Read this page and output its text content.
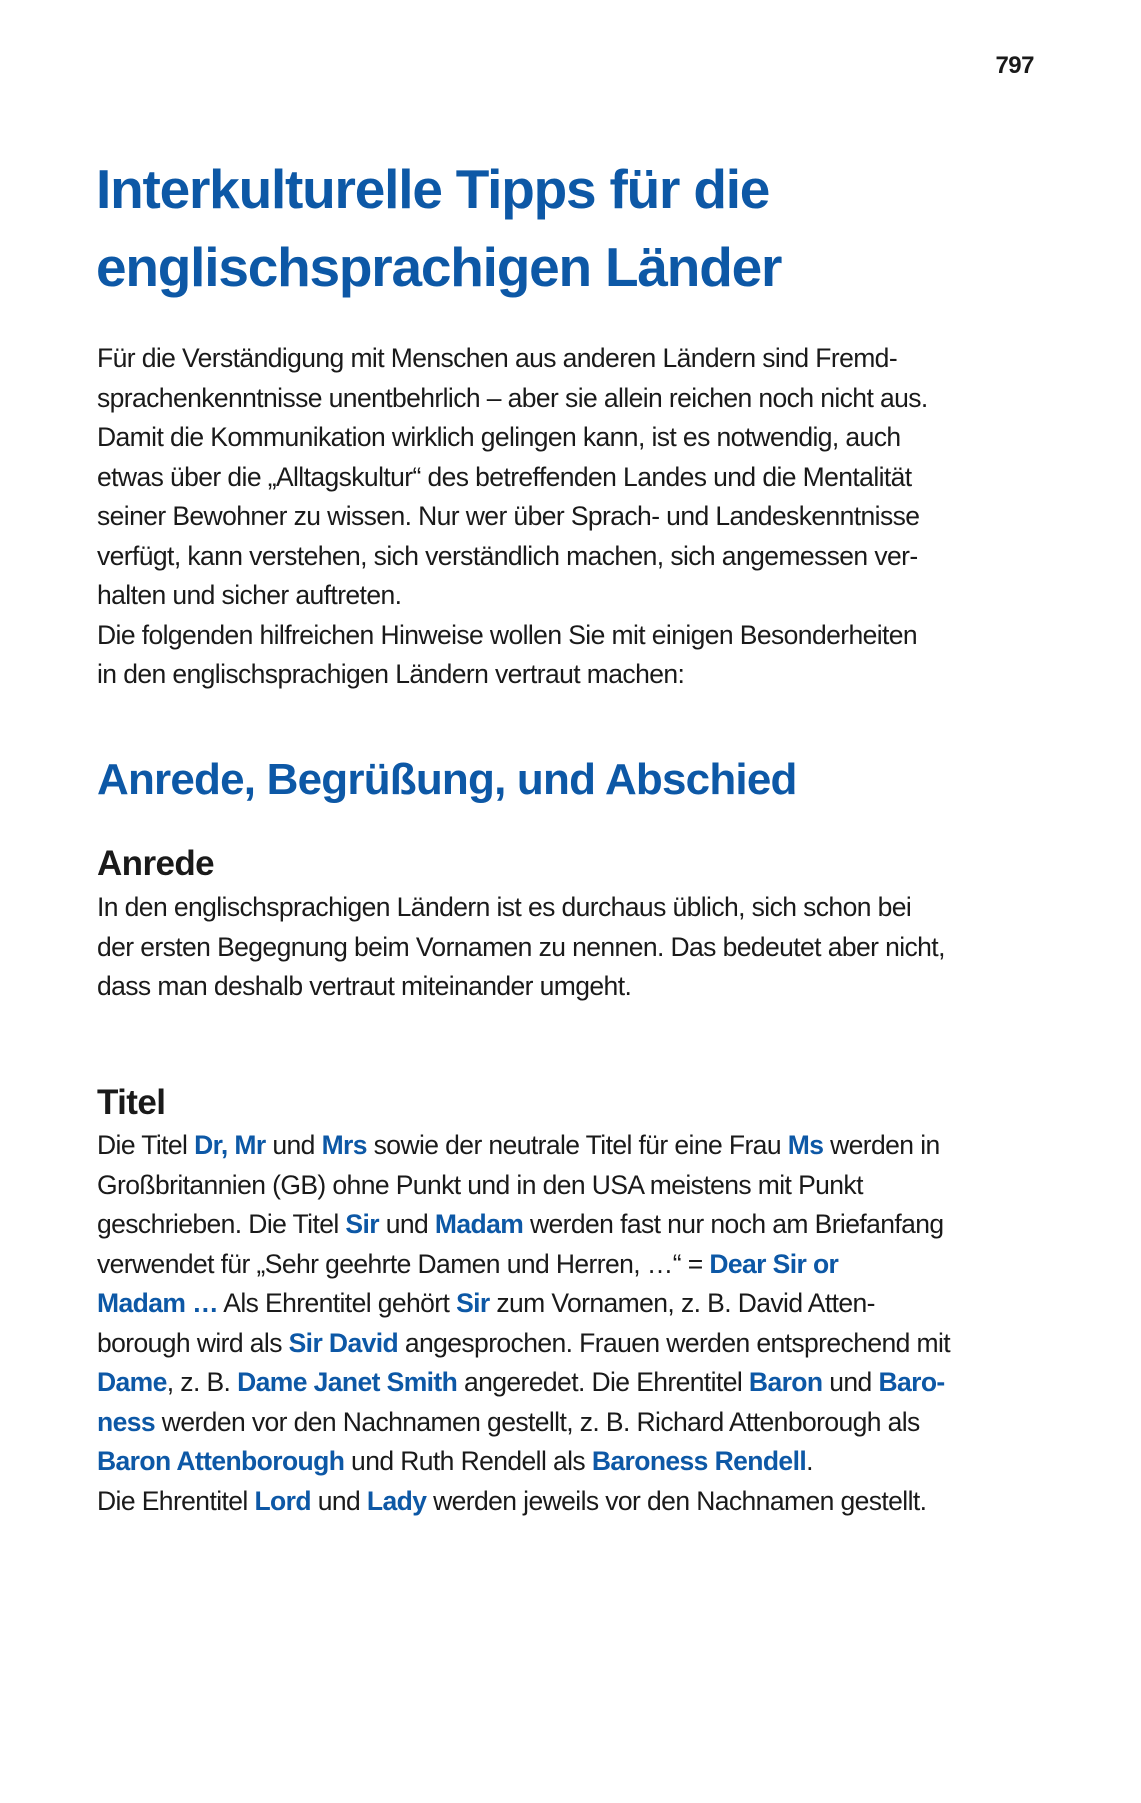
797
Interkulturelle Tipps für die
englischsprachigen Länder

Für die Verständigung mit Menschen aus anderen Ländern sind Fremd-
sprachenkenntnisse unentbehrlich – aber sie allein reichen noch nicht aus.
Damit die Kommunikation wirklich gelingen kann, ist es notwendig, auch
etwas über die „Alltagskultur“ des betreffenden Landes und die Mentalität
seiner Bewohner zu wissen. Nur wer über Sprach- und Landeskenntnisse
verfügt, kann verstehen, sich verständlich machen, sich angemessen ver-
halten und sicher auftreten.
Die folgenden hilfreichen Hinweise wollen Sie mit einigen Besonderheiten
in den englischsprachigen Ländern vertraut machen:

Anrede, Begrüßung, und Abschied
Anrede

In den englischsprachigen Ländern ist es durchaus üblich, sich schon bei
der ersten Begegnung beim Vornamen zu nennen. Das bedeutet aber nicht,
dass man deshalb vertraut miteinander umgeht.

Titel

Die Titel Dr, Mr und Mrs sowie der neutrale Titel für eine Frau Ms werden in
Großbritannien (GB) ohne Punkt und in den USA meistens mit Punkt
geschrieben. Die Titel Sir und Madam werden fast nur noch am Briefanfang
verwendet für „Sehr geehrte Damen und Herren, …“ = Dear Sir or
Madam … Als Ehrentitel gehört Sir zum Vornamen, z. B. David Atten-
borough wird als Sir David angesprochen. Frauen werden entsprechend mit
Dame, z. B. Dame Janet Smith angeredet. Die Ehrentitel Baron und Baro-
ness werden vor den Nachnamen gestellt, z. B. Richard Attenborough als
Baron Attenborough und Ruth Rendell als Baroness Rendell.
Die Ehrentitel Lord und Lady werden jeweils vor den Nachnamen gestellt.
